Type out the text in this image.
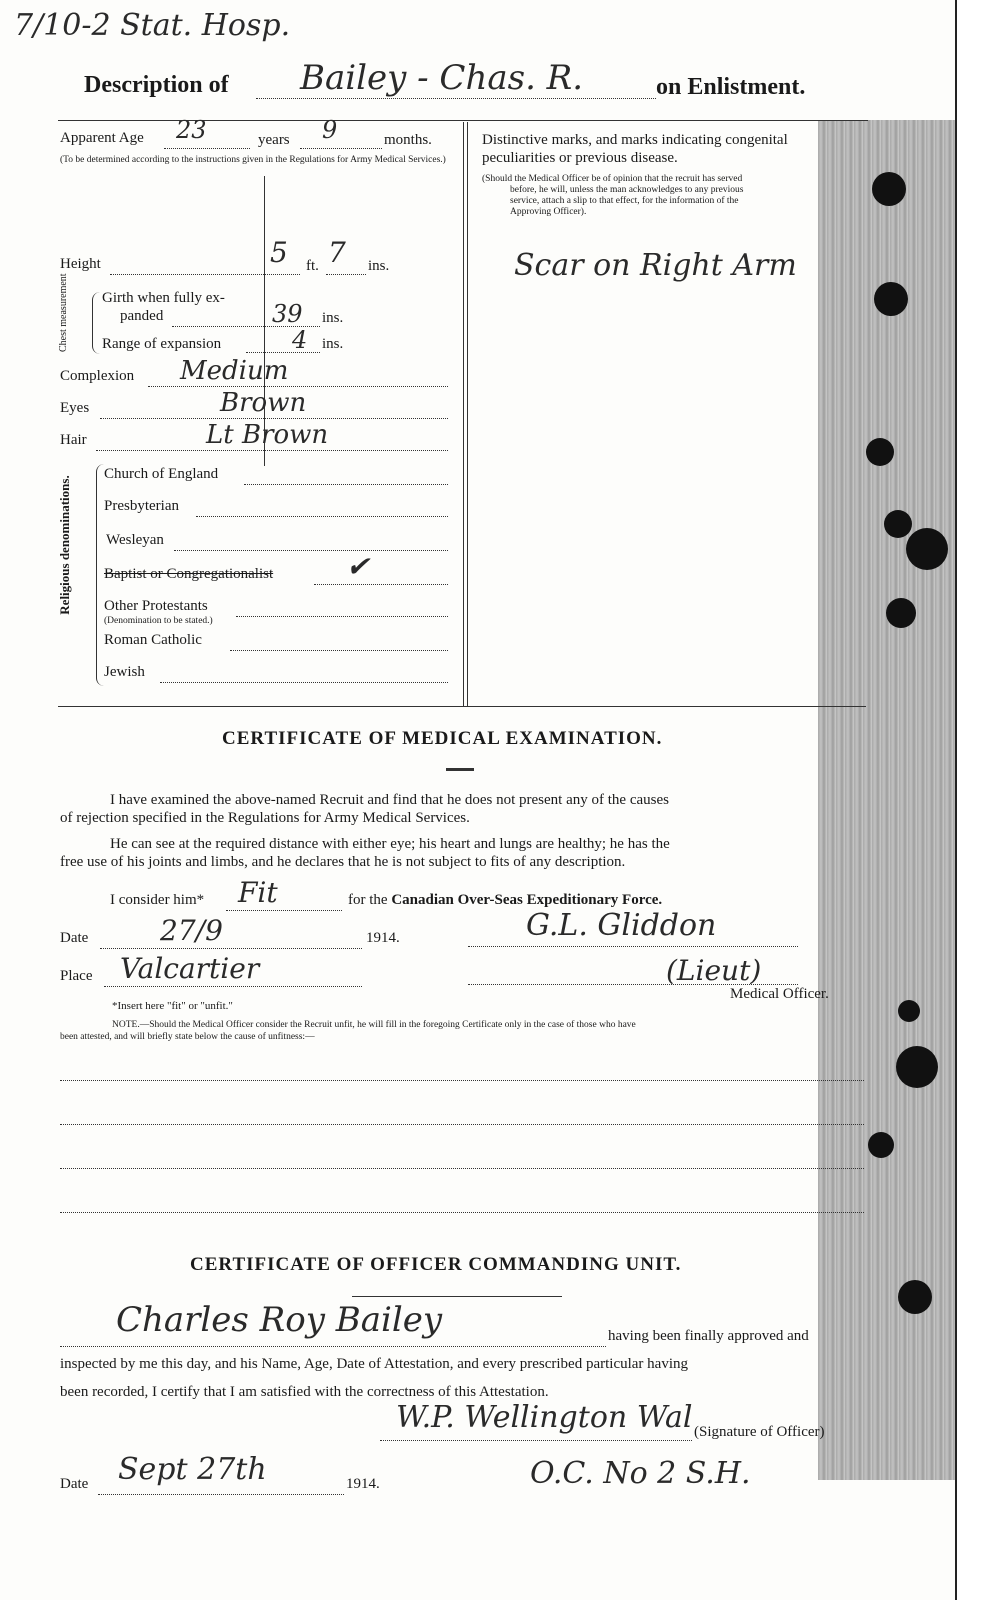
7/10-2 Stat. Hosp.
Description of Bailey - Chas. R.	on Enlistment.
Apparent Age 23	years 9	months.
(To be determined according to the instructions given in the Regulations for Army Medical Services.)
Height	5 ft. 7 ins.
Chest measurement Girth when fully ex-
panded	39 ins.
Range of expansion	4 ins.
Complexion Medium
Eyes	Brown
Hair	Lt Brown
Religious denominations.
Church of England
Presbyterian
Wesleyan
Baptist or Congregationalist	✔
Other Protestants
(Denomination to be stated.)
Roman Catholic
Jewish
Distinctive marks, and marks indicating congenital
peculiarities or previous disease.
(Should the Medical Officer be of opinion that the recruit has served
before, he will, unless the man acknowledges to any previous
service, attach a slip to that effect, for the information of the
Approving Officer).
Scar on Right Arm
CERTIFICATE OF MEDICAL EXAMINATION.
I have examined the above-named Recruit and find that he does not present any of the causes
of rejection specified in the Regulations for Army Medical Services.
He can see at the required distance with either eye; his heart and lungs are healthy; he has the
free use of his joints and limbs, and he declares that he is not subject to fits of any description.
I consider him* Fit	for the Canadian Over-Seas Expeditionary Force.
Date	27/9	1914.	G.L. Gliddon
Place Valcartier	(Lieut)
Medical Officer.
*Insert here "fit" or "unfit."
NOTE.—Should the Medical Officer consider the Recruit unfit, he will fill in the foregoing Certificate only in the case of those who have
been attested, and will briefly state below the cause of unfitness:—
CERTIFICATE OF OFFICER COMMANDING UNIT.
Charles Roy Bailey	having been finally approved and
inspected by me this day, and his Name, Age, Date of Attestation, and every prescribed particular having
been recorded, I certify that I am satisfied with the correctness of this Attestation.
W.P. Wellington Wal (Signature of Officer)
O.C. No 2 S.H.
Date Sept 27th	1914.
